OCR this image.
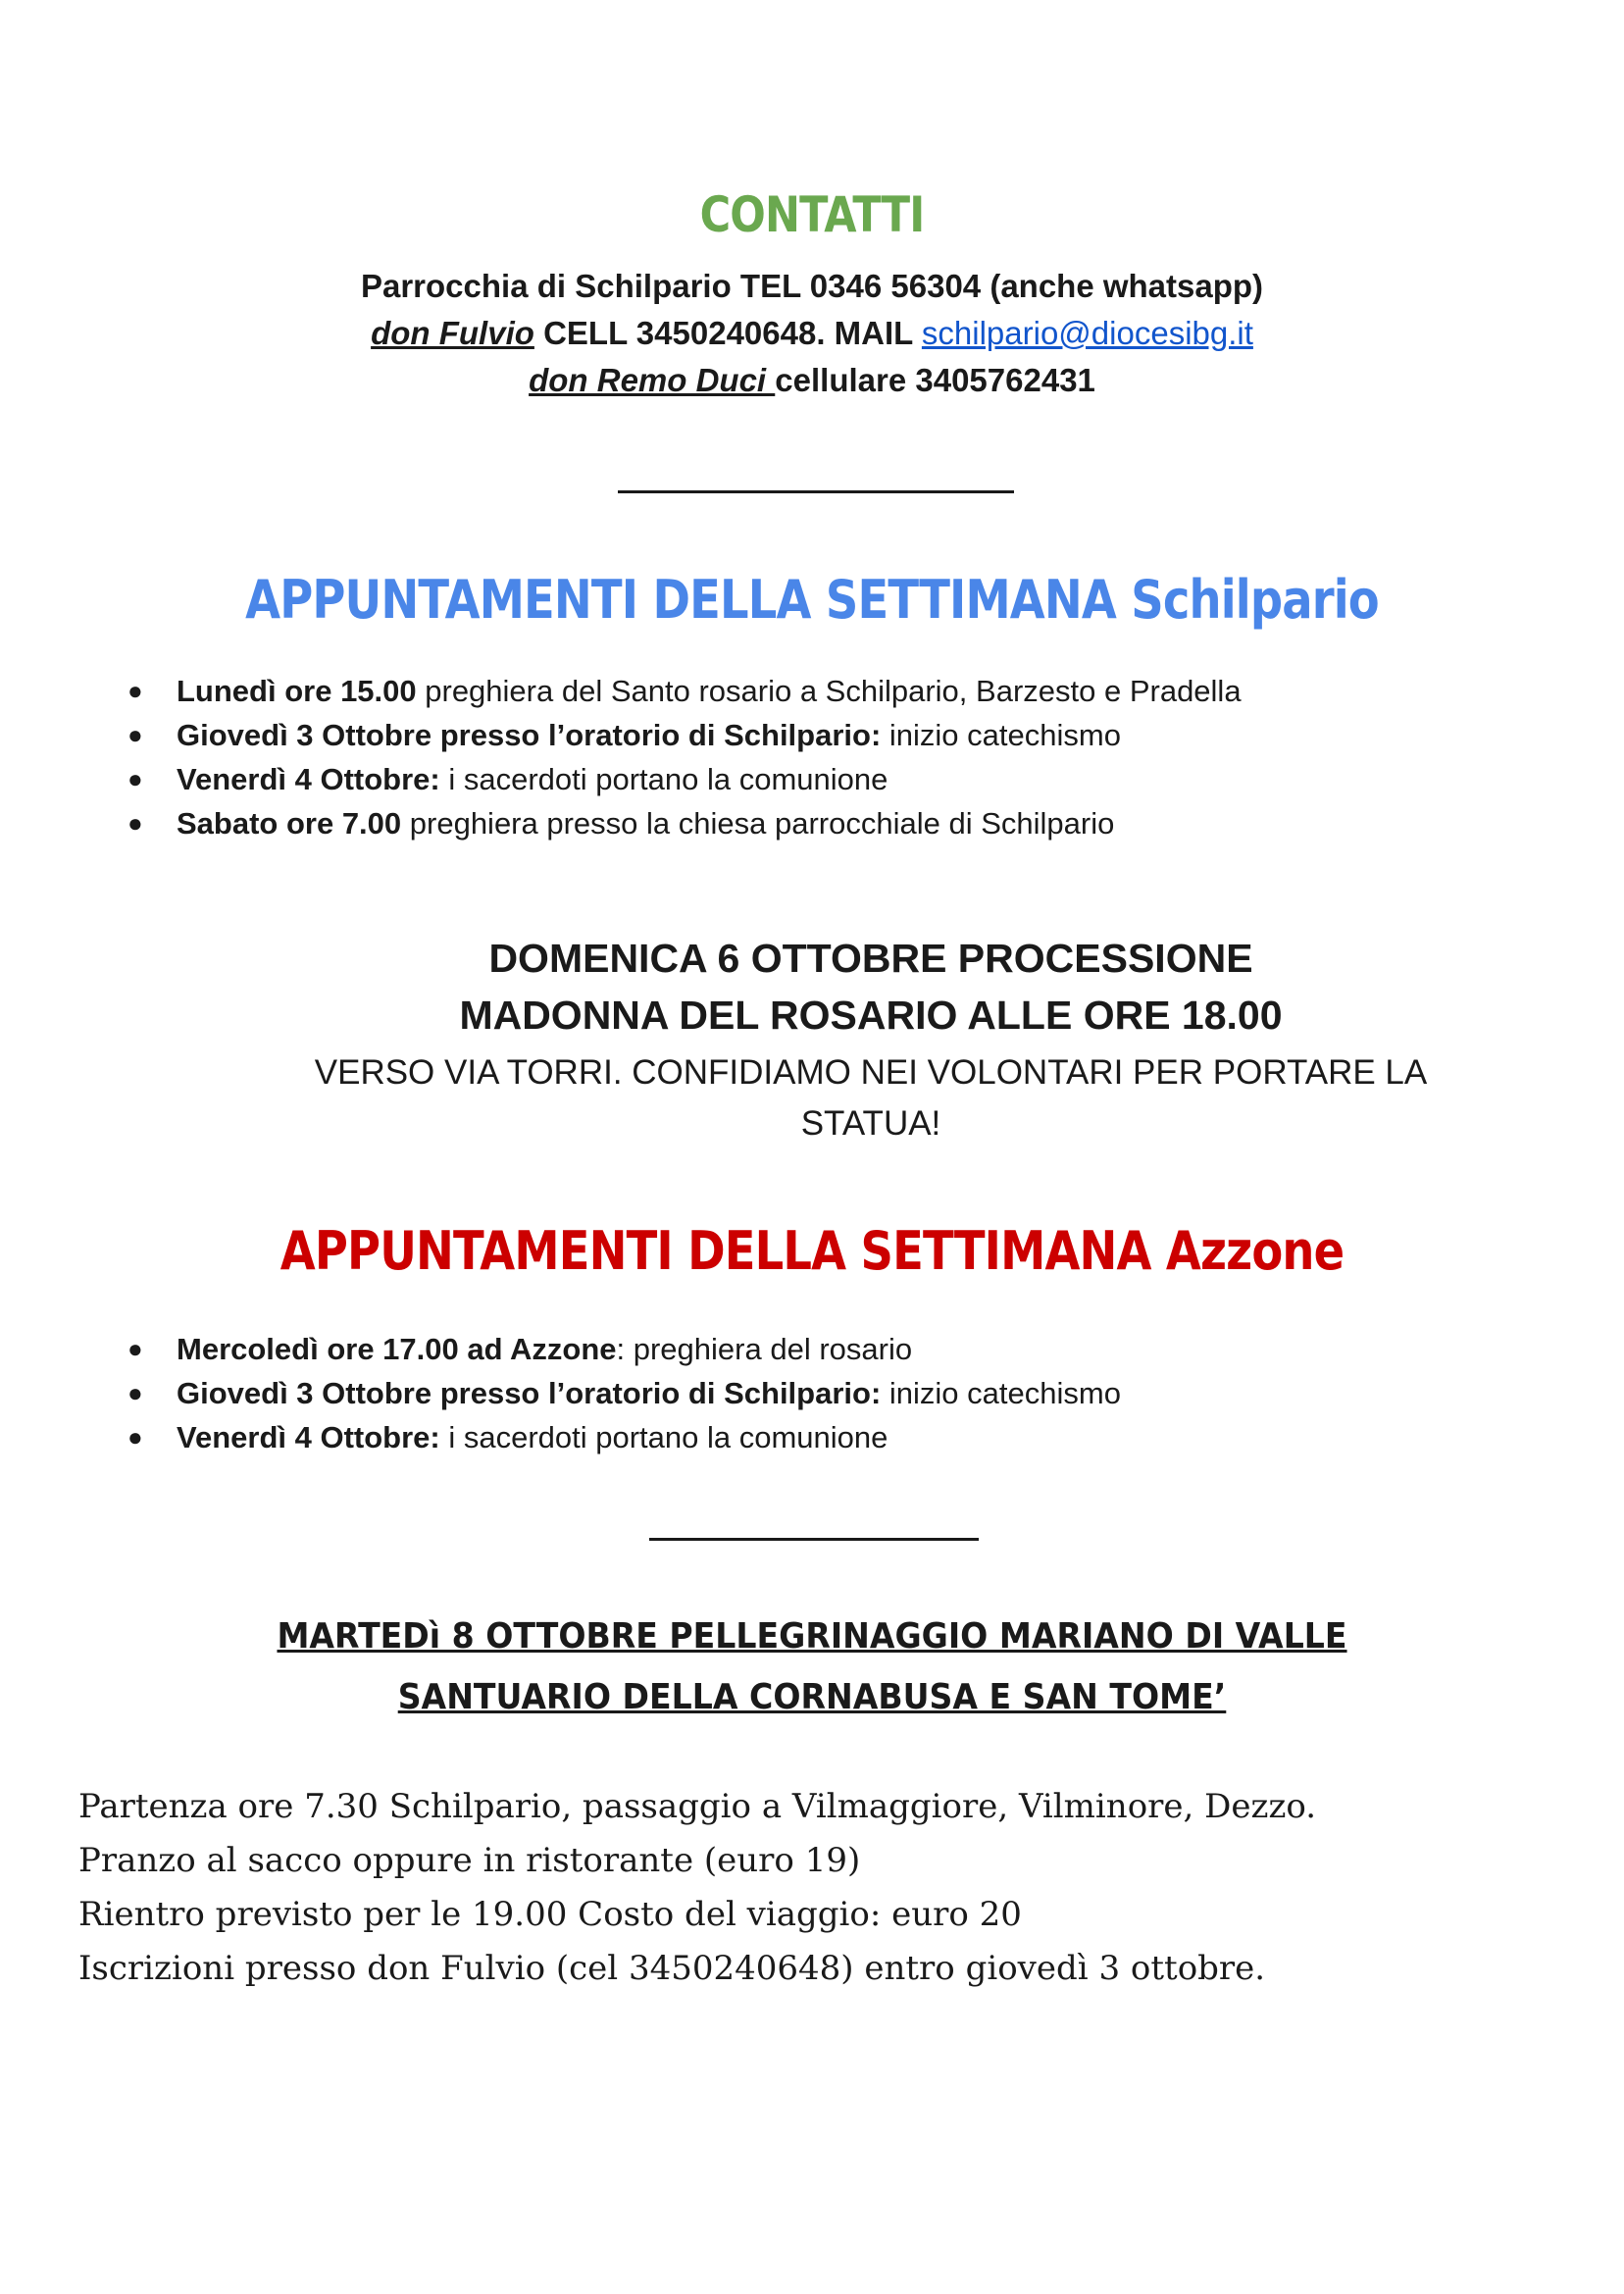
CONTATTI
Parrocchia di Schilpario TEL 0346 56304 (anche whatsapp)
don Fulvio CELL 3450240648. MAIL schilpario@diocesibg.it
don Remo Duci cellulare 3405762431
APPUNTAMENTI DELLA SETTIMANA Schilpario
● Lunedì ore 15.00 preghiera del Santo rosario a Schilpario, Barzesto e Pradella
● Giovedì 3 Ottobre presso l’oratorio di Schilpario: inizio catechismo
● Venerdì 4 Ottobre: i sacerdoti portano la comunione
● Sabato ore 7.00 preghiera presso la chiesa parrocchiale di Schilpario
DOMENICA 6 OTTOBRE PROCESSIONE
MADONNA DEL ROSARIO ALLE ORE 18.00
VERSO VIA TORRI. CONFIDIAMO NEI VOLONTARI PER PORTARE LA
STATUA!
APPUNTAMENTI DELLA SETTIMANA Azzone
● Mercoledì ore 17.00 ad Azzone: preghiera del rosario
● Giovedì 3 Ottobre presso l’oratorio di Schilpario: inizio catechismo
● Venerdì 4 Ottobre: i sacerdoti portano la comunione
MARTEDì 8 OTTOBRE PELLEGRINAGGIO MARIANO DI VALLE
SANTUARIO DELLA CORNABUSA E SAN TOME’
Partenza ore 7.30 Schilpario, passaggio a Vilmaggiore, Vilminore, Dezzo.
Pranzo al sacco oppure in ristorante (euro 19)
Rientro previsto per le 19.00 Costo del viaggio: euro 20
Iscrizioni presso don Fulvio (cel 3450240648) entro giovedì 3 ottobre.
